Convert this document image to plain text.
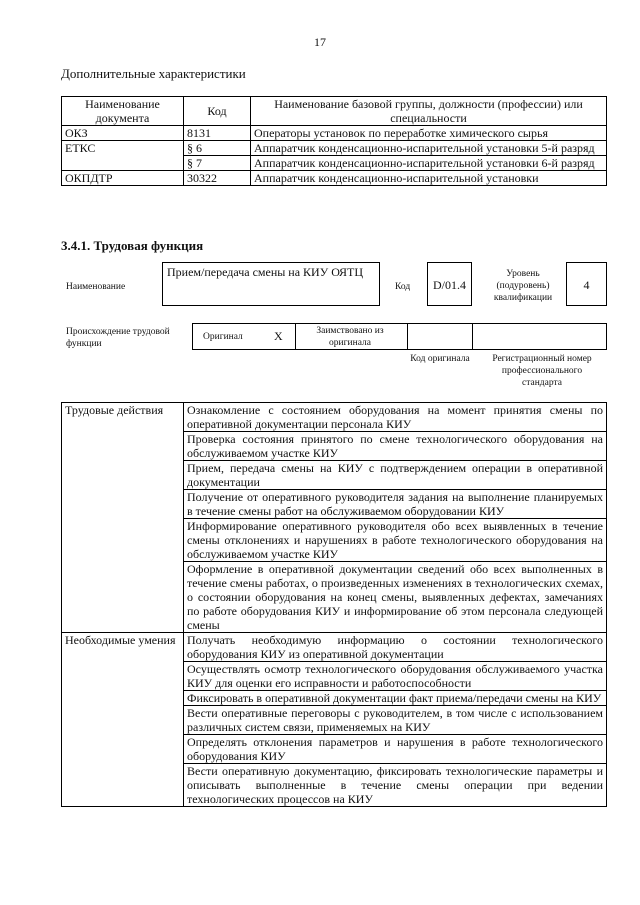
17
Дополнительные характеристики
Наименование документа	Код	Наименование базовой группы, должности (профессии) или специальности
ОКЗ	8131	Операторы установок по переработке химического сырья
ЕТКС	§ 6	Аппаратчик конденсационно-испарительной установки 5-й разряд
	§ 7	Аппаратчик конденсационно-испарительной установки 6-й разряд
ОКПДТР	30322	Аппаратчик конденсационно-испарительной установки
3.4.1. Трудовая функция
Наименование
Прием/передача смены на КИУ ОЯТЦ
Код	D/01.4
Уровень (подуровень) квалификации
4
Происхождение трудовой функции
Оригинал	X	Заимствовано из оригинала
Код оригинала	Регистрационный номер профессионального стандарта
Трудовые действия	Ознакомление с состоянием оборудования на момент принятия смены по оперативной документации персонала КИУ
	Проверка состояния принятого по смене технологического оборудования на обслуживаемом участке КИУ
	Прием, передача смены на КИУ с подтверждением операции в оперативной документации
	Получение от оперативного руководителя задания на выполнение планируемых в течение смены работ на обслуживаемом оборудовании КИУ
	Информирование оперативного руководителя обо всех выявленных в течение смены отклонениях и нарушениях в работе технологического оборудования на обслуживаемом участке КИУ
	Оформление в оперативной документации сведений обо всех выполненных в течение смены работах, о произведенных изменениях в технологических схемах, о состоянии оборудования на конец смены, выявленных дефектах, замечаниях по работе оборудования КИУ и информирование об этом персонала следующей смены
Необходимые умения	Получать необходимую информацию о состоянии технологического оборудования КИУ из оперативной документации
	Осуществлять осмотр технологического оборудования обслуживаемого участка КИУ для оценки его исправности и работоспособности
	Фиксировать в оперативной документации факт приема/передачи смены на КИУ
	Вести оперативные переговоры с руководителем, в том числе с использованием различных систем связи, применяемых на КИУ
	Определять отклонения параметров и нарушения в работе технологического оборудования КИУ
	Вести оперативную документацию, фиксировать технологические параметры и описывать выполненные в течение смены операции при ведении технологических процессов на КИУ
